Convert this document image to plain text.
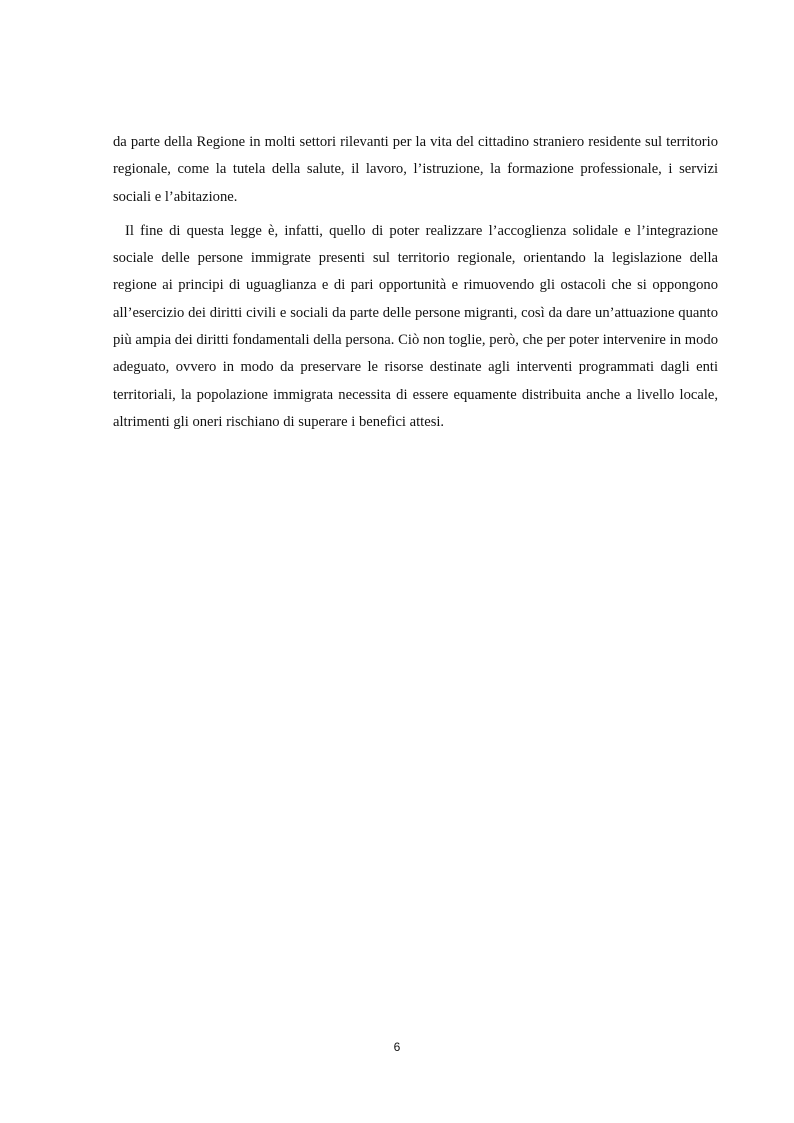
da parte della Regione in molti settori rilevanti per la vita del cittadino straniero residente sul territorio regionale, come la tutela della salute, il lavoro, l’istruzione, la formazione professionale, i servizi sociali e l’abitazione.

Il fine di questa legge è, infatti, quello di poter realizzare l’accoglienza solidale e l’integrazione sociale delle persone immigrate presenti sul territorio regionale, orientando la legislazione della regione ai principi di uguaglianza e di pari opportunità e rimuovendo gli ostacoli che si oppongono all’esercizio dei diritti civili e sociali da parte delle persone migranti, così da dare un’attuazione quanto più ampia dei diritti fondamentali della persona. Ciò non toglie, però, che per poter intervenire in modo adeguato, ovvero in modo da preservare le risorse destinate agli interventi programmati dagli enti territoriali, la popolazione immigrata necessita di essere equamente distribuita anche a livello locale, altrimenti gli oneri rischiano di superare i benefici attesi.

6
